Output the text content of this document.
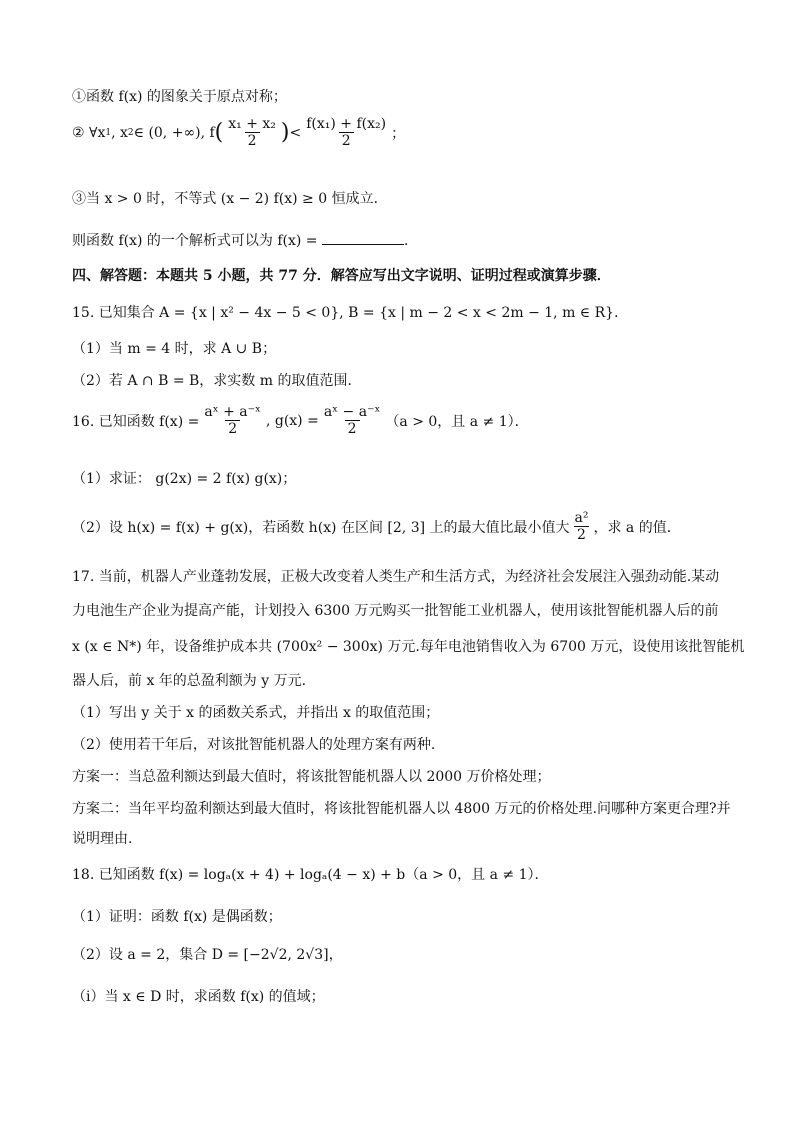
①函数 f(x) 的图象关于原点对称；
② ∀x 1 , x 2 ∈ (0, +∞), f ( $\frac{\text{x₁ + x₂}}{2}$ ) < $\frac{\text{f(x₁) + f(x₂)}}{2}$ ；
③当 x > 0 时，不等式 (x − 2) f(x) ≥ 0 恒成立．
则函数 f(x) 的一个解析式可以为 f(x) =	．
四、解答题：本题共 5 小题，共 77 分．解答应写出文字说明、证明过程或演算步骤．
15. 已知集合 A = {x | x² − 4x − 5 < 0}, B = {x | m − 2 < x < 2m − 1, m ∈ R}．
（1）当 m = 4 时，求 A ∪ B；
（2）若 A ∩ B = B，求实数 m 的取值范围．
16. 已知函数 $f(x) = \frac{\text{aˣ + a⁻ˣ}}{2}$ , $g(x) = \frac{\text{aˣ − a⁻ˣ}}{2} (a > 0$，且 a ≠ 1）．
（1）求证： g(2x) = 2 f(x) g(x)；
（2）设 h(x) = f(x) + g(x)，若函数 h(x) 在区间 [2, 3] 上的最大值比最小值大 $\frac{\text{a²}}{2}$ ，求 a 的值．
17. 当前，机器人产业蓬勃发展，正极大改变着人类生产和生活方式，为经济社会发展注入强劲动能.某动
力电池生产企业为提高产能，计划投入 6300 万元购买一批智能工业机器人，使用该批智能机器人后的前
x (x ∈ N*) 年，设备维护成本共 (700x² − 300x) 万元.每年电池销售收入为 6700 万元，设使用该批智能机
器人后，前 x 年的总盈利额为 y 万元.
（1）写出 y 关于 x 的函数关系式，并指出 x 的取值范围；
（2）使用若干年后，对该批智能机器人的处理方案有两种.
方案一：当总盈利额达到最大值时，将该批智能机器人以 2000 万价格处理；
方案二：当年平均盈利额达到最大值时，将该批智能机器人以 4800 万元的价格处理.问哪种方案更合理?并
说明理由.
18. 已知函数 f(x) = logₐ(x + 4) + logₐ(4 − x) + b（a > 0，且 a ≠ 1）．
（1）证明：函数 f(x) 是偶函数；
（2）设 a = 2，集合 D = [−2√2, 2√3]，
（i）当 x ∈ D 时，求函数 f(x) 的值域；
